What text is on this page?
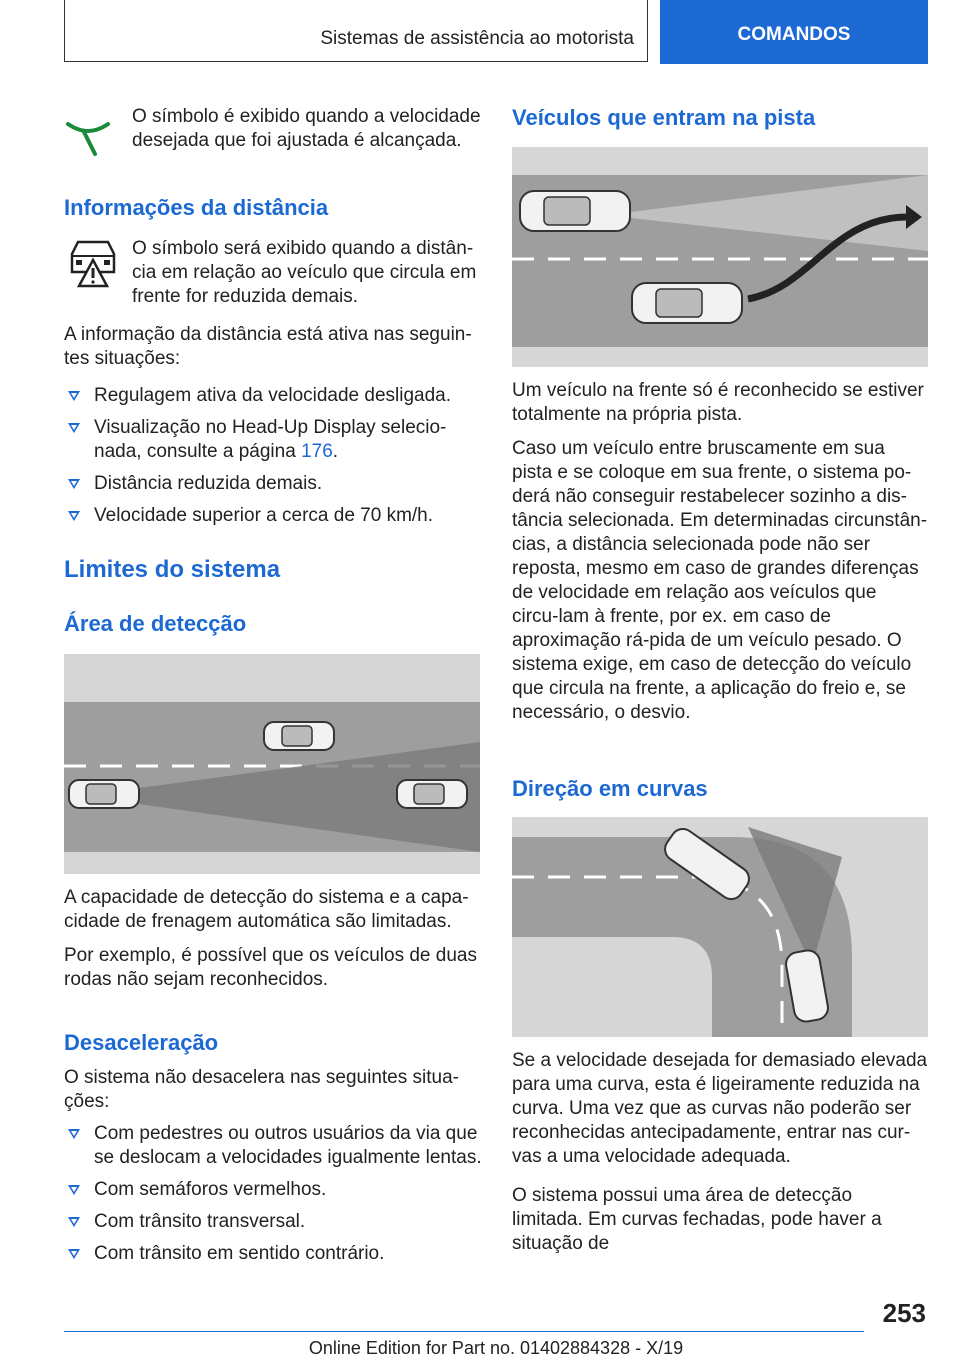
Sistemas de assistência ao motorista	COMANDOS

O símbolo é exibido quando a velocidade desejada que foi ajustada é alcançada.

Informações da distância

O símbolo será exibido quando a distân-cia em relação ao veículo que circula em frente for reduzida demais.

A informação da distância está ativa nas seguin-tes situações:

Regulagem ativa da velocidade desligada.
Visualização no Head-Up Display selecio-nada, consulte a página 176.
Distância reduzida demais.
Velocidade superior a cerca de 70 km/h.
Limites do sistema
Área de detecção

A capacidade de detecção do sistema e a capa-cidade de frenagem automática são limitadas.

Por exemplo, é possível que os veículos de duas rodas não sejam reconhecidos.

Desaceleração

O sistema não desacelera nas seguintes situa-ções:

Com pedestres ou outros usuários da via que se deslocam a velocidades igualmente lentas.
Com semáforos vermelhos.
Com trânsito transversal.
Com trânsito em sentido contrário.
Veículos que entram na pista

Um veículo na frente só é reconhecido se estiver totalmente na própria pista.

Caso um veículo entre bruscamente em sua pista e se coloque em sua frente, o sistema po-derá não conseguir restabelecer sozinho a dis-tância selecionada. Em determinadas circunstân-cias, a distância selecionada pode não ser reposta, mesmo em caso de grandes diferenças de velocidade em relação aos veículos que circu-lam à frente, por ex. em caso de aproximação rá-pida de um veículo pesado. O sistema exige, em caso de detecção do veículo que circula na frente, a aplicação do freio e, se necessário, o desvio.

Direção em curvas

Se a velocidade desejada for demasiado elevada para uma curva, esta é ligeiramente reduzida na curva. Uma vez que as curvas não poderão ser reconhecidas antecipadamente, entrar nas cur-vas a uma velocidade adequada.

O sistema possui uma área de detecção limitada. Em curvas fechadas, pode haver a situação de

253
Online Edition for Part no. 01402884328 - X/19
